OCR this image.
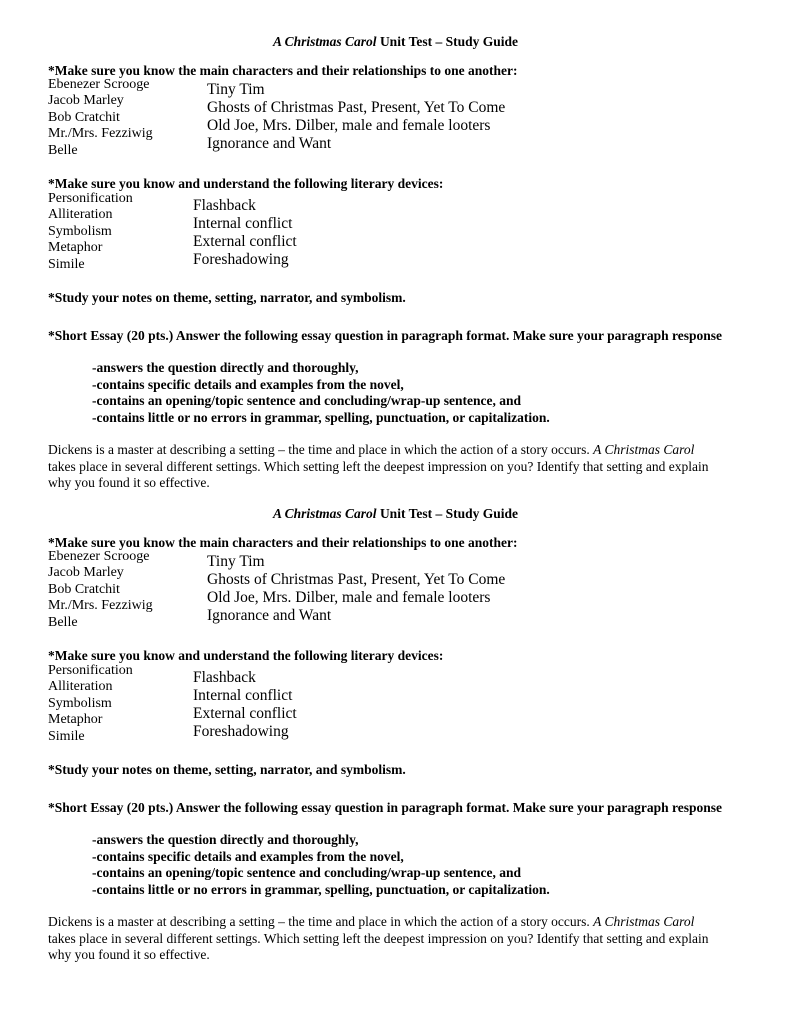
A Christmas Carol Unit Test – Study Guide
*Make sure you know the main characters and their relationships to one another:
Ebenezer Scrooge
Jacob Marley
Bob Cratchit
Mr./Mrs. Fezziwig
Belle
Tiny Tim
Ghosts of Christmas Past, Present, Yet To Come
Old Joe, Mrs. Dilber, male and female looters
Ignorance and Want
*Make sure you know and understand the following literary devices:
Personification
Alliteration
Symbolism
Metaphor
Simile
Flashback
Internal conflict
External conflict
Foreshadowing
*Study your notes on theme, setting, narrator, and symbolism.
*Short Essay (20 pts.) Answer the following essay question in paragraph format. Make sure your paragraph response
-answers the question directly and thoroughly,
-contains specific details and examples from the novel,
-contains an opening/topic sentence and concluding/wrap-up sentence, and
-contains little or no errors in grammar, spelling, punctuation, or capitalization.
Dickens is a master at describing a setting – the time and place in which the action of a story occurs. A Christmas Carol
takes place in several different settings. Which setting left the deepest impression on you? Identify that setting and explain
why you found it so effective.
A Christmas Carol Unit Test – Study Guide
*Make sure you know the main characters and their relationships to one another:
Ebenezer Scrooge
Jacob Marley
Bob Cratchit
Mr./Mrs. Fezziwig
Belle
Tiny Tim
Ghosts of Christmas Past, Present, Yet To Come
Old Joe, Mrs. Dilber, male and female looters
Ignorance and Want
*Make sure you know and understand the following literary devices:
Personification
Alliteration
Symbolism
Metaphor
Simile
Flashback
Internal conflict
External conflict
Foreshadowing
*Study your notes on theme, setting, narrator, and symbolism.
*Short Essay (20 pts.) Answer the following essay question in paragraph format. Make sure your paragraph response
-answers the question directly and thoroughly,
-contains specific details and examples from the novel,
-contains an opening/topic sentence and concluding/wrap-up sentence, and
-contains little or no errors in grammar, spelling, punctuation, or capitalization.
Dickens is a master at describing a setting – the time and place in which the action of a story occurs. A Christmas Carol
takes place in several different settings. Which setting left the deepest impression on you? Identify that setting and explain
why you found it so effective.
